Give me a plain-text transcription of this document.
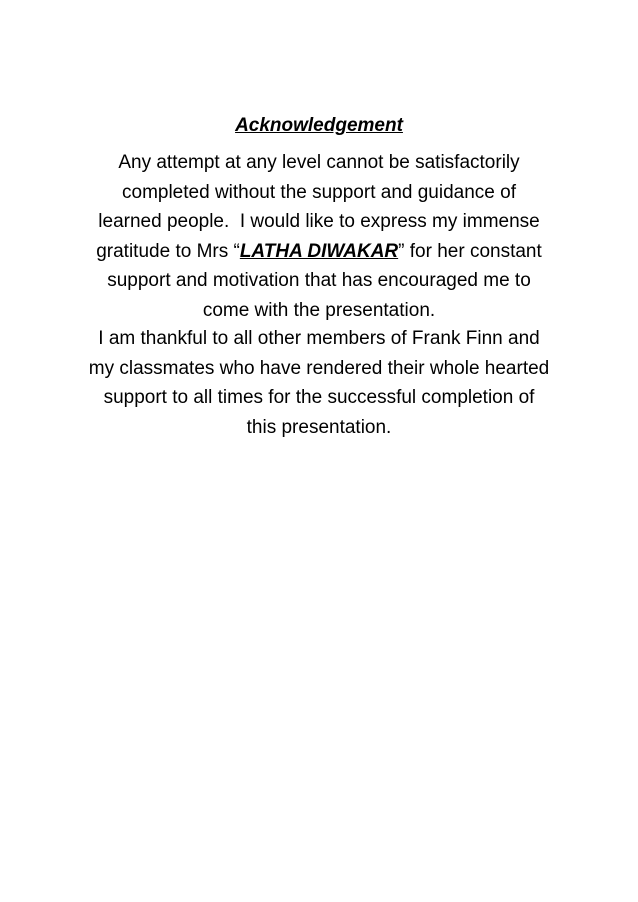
Acknowledgement
Any attempt at any level cannot be satisfactorily
completed without the support and guidance of
learned people.  I would like to express my immense
gratitude to Mrs “LATHA DIWAKAR” for her constant
support and motivation that has encouraged me to
come with the presentation.
I am thankful to all other members of Frank Finn and
my classmates who have rendered their whole hearted
support to all times for the successful completion of
this presentation.
